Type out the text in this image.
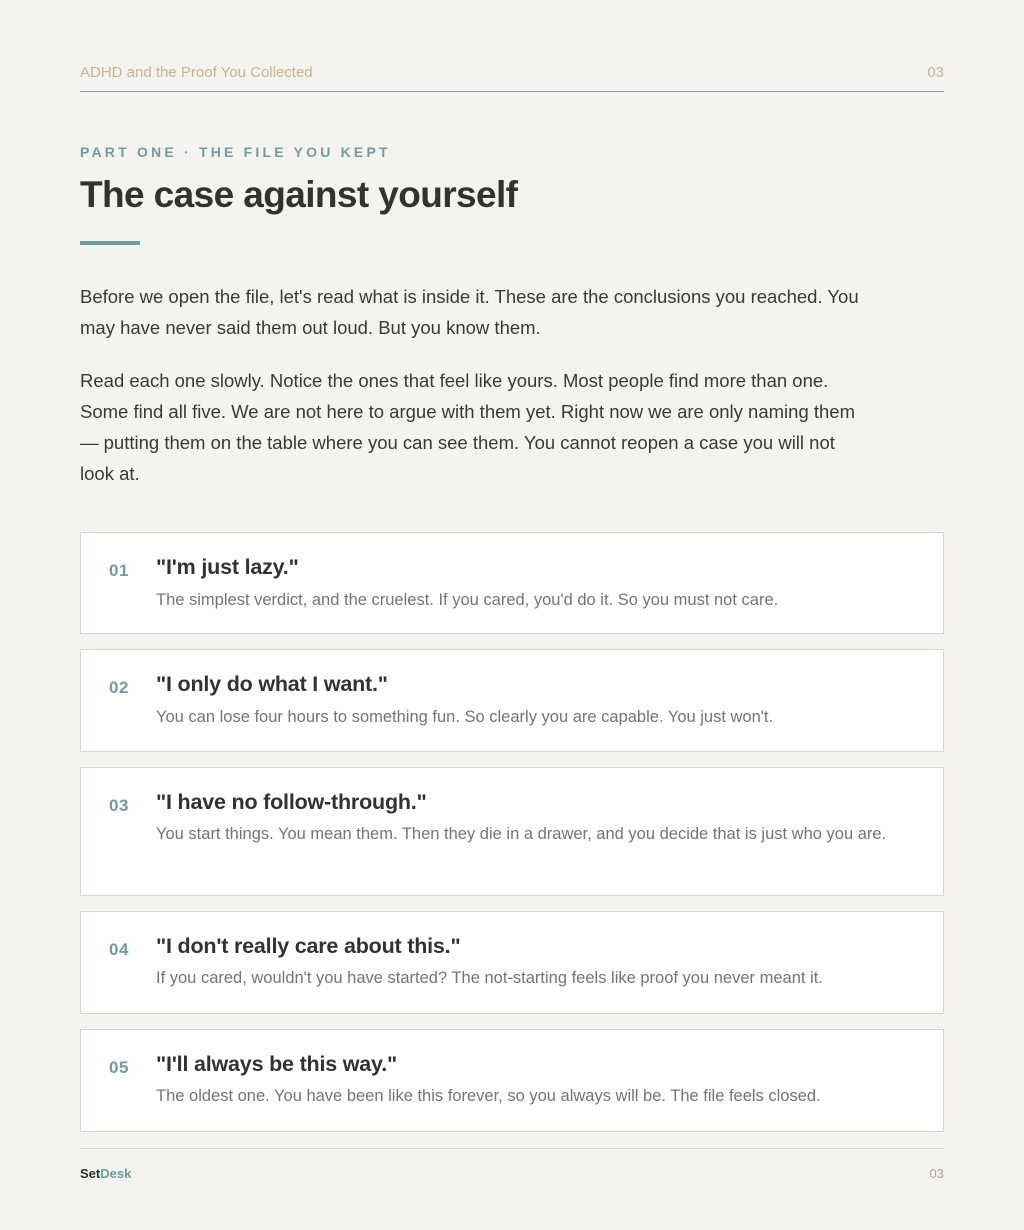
ADHD and the Proof You Collected	03
PART ONE · THE FILE YOU KEPT
The case against yourself

Before we open the file, let's read what is inside it. These are the conclusions you reached. You may have never said them out loud. But you know them.

Read each one slowly. Notice the ones that feel like yours. Most people find more than one. Some find all five. We are not here to argue with them yet. Right now we are only naming them — putting them on the table where you can see them. You cannot reopen a case you will not look at.

01 "I'm just lazy."

The simplest verdict, and the cruelest. If you cared, you'd do it. So you must not care.

02 "I only do what I want."

You can lose four hours to something fun. So clearly you are capable. You just won't.

03 "I have no follow-through."

You start things. You mean them. Then they die in a drawer, and you decide that is just who you are.

04 "I don't really care about this."

If you cared, wouldn't you have started? The not-starting feels like proof you never meant it.

05 "I'll always be this way."

The oldest one. You have been like this forever, so you always will be. The file feels closed.

SetDesk	03
